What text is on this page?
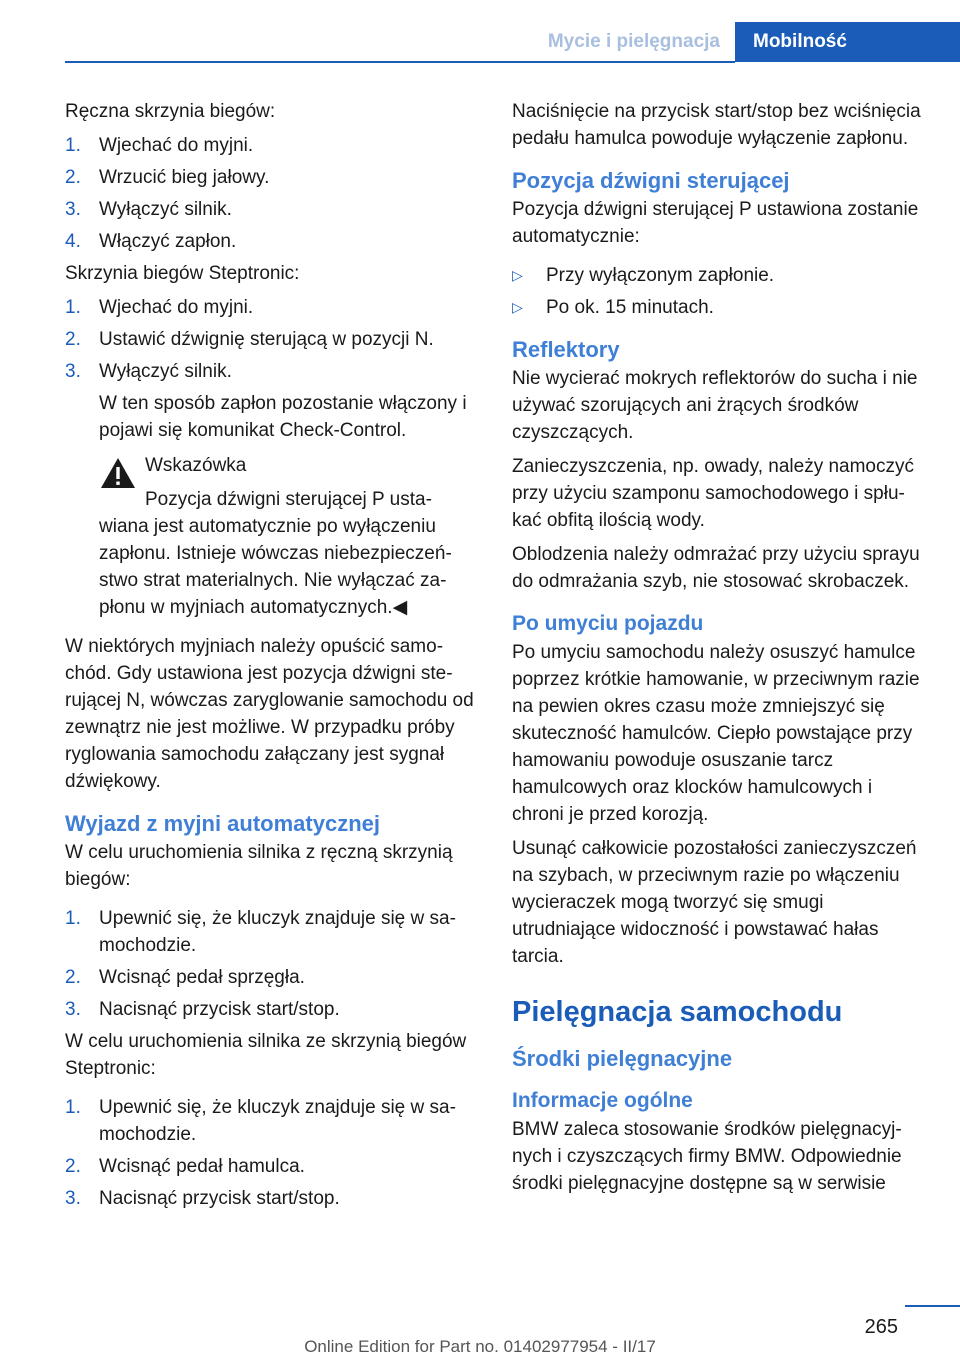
Mycie i pielęgnacja	Mobilność

Ręczna skrzynia biegów:

1. Wjechać do myjni.
2. Wrzucić bieg jałowy.
3. Wyłączyć silnik.
4. Włączyć zapłon.

Skrzynia biegów Steptronic:

1. Wjechać do myjni.
2. Ustawić dźwignię sterującą w pozycji N.
3. Wyłączyć silnik.

W ten sposób zapłon pozostanie włączony i pojawi się komunikat Check-Control.

Wskazówka

Pozycja dźwigni sterującej P usta-

wiana jest automatycznie po wyłączeniu zapłonu. Istnieje wówczas niebezpieczeństwo strat materialnych. Nie wyłączać zapłonu w myjniach automatycznych.◀

W niektórych myjniach należy opuścić samochód. Gdy ustawiona jest pozycja dźwigni sterującej N, wówczas zaryglowanie samochodu od zewnątrz nie jest możliwe. W przypadku próby ryglowania samochodu załączany jest sygnał dźwiękowy.

Wyjazd z myjni automatycznej

W celu uruchomienia silnika z ręczną skrzynią biegów:

1. Upewnić się, że kluczyk znajduje się w samochodzie.
2. Wcisnąć pedał sprzęgła.
3. Nacisnąć przycisk start/stop.

W celu uruchomienia silnika ze skrzynią biegów Steptronic:

1. Upewnić się, że kluczyk znajduje się w samochodzie.
2. Wcisnąć pedał hamulca.
3. Nacisnąć przycisk start/stop.

Naciśnięcie na przycisk start/stop bez wciśnięcia pedału hamulca powoduje wyłączenie zapłonu.

Pozycja dźwigni sterującej

Pozycja dźwigni sterującej P ustawiona zostanie automatycznie:

▷	Przy wyłączonym zapłonie.
▷	Po ok. 15 minutach.
Reflektory

Nie wycierać mokrych reflektorów do sucha i nie używać szorujących ani żrących środków czyszczących.

Zanieczyszczenia, np. owady, należy namoczyć przy użyciu szamponu samochodowego i spłukać obfitą ilością wody.

Oblodzenia należy odmrażać przy użyciu sprayu do odmrażania szyb, nie stosować skrobaczek.

Po umyciu pojazdu

Po umyciu samochodu należy osuszyć hamulce poprzez krótkie hamowanie, w przeciwnym razie na pewien okres czasu może zmniejszyć się skuteczność hamulców. Ciepło powstające przy hamowaniu powoduje osuszanie tarcz hamulcowych oraz klocków hamulcowych i chroni je przed korozją.

Usunąć całkowicie pozostałości zanieczyszczeń na szybach, w przeciwnym razie po włączeniu wycieraczek mogą tworzyć się smugi utrudniające widoczność i powstawać hałas tarcia.

Pielęgnacja samochodu
Środki pielęgnacyjne
Informacje ogólne

BMW zaleca stosowanie środków pielęgnacyjnych i czyszczących firmy BMW. Odpowiednie środki pielęgnacyjne dostępne są w serwisie

265
Online Edition for Part no. 01402977954 - II/17
